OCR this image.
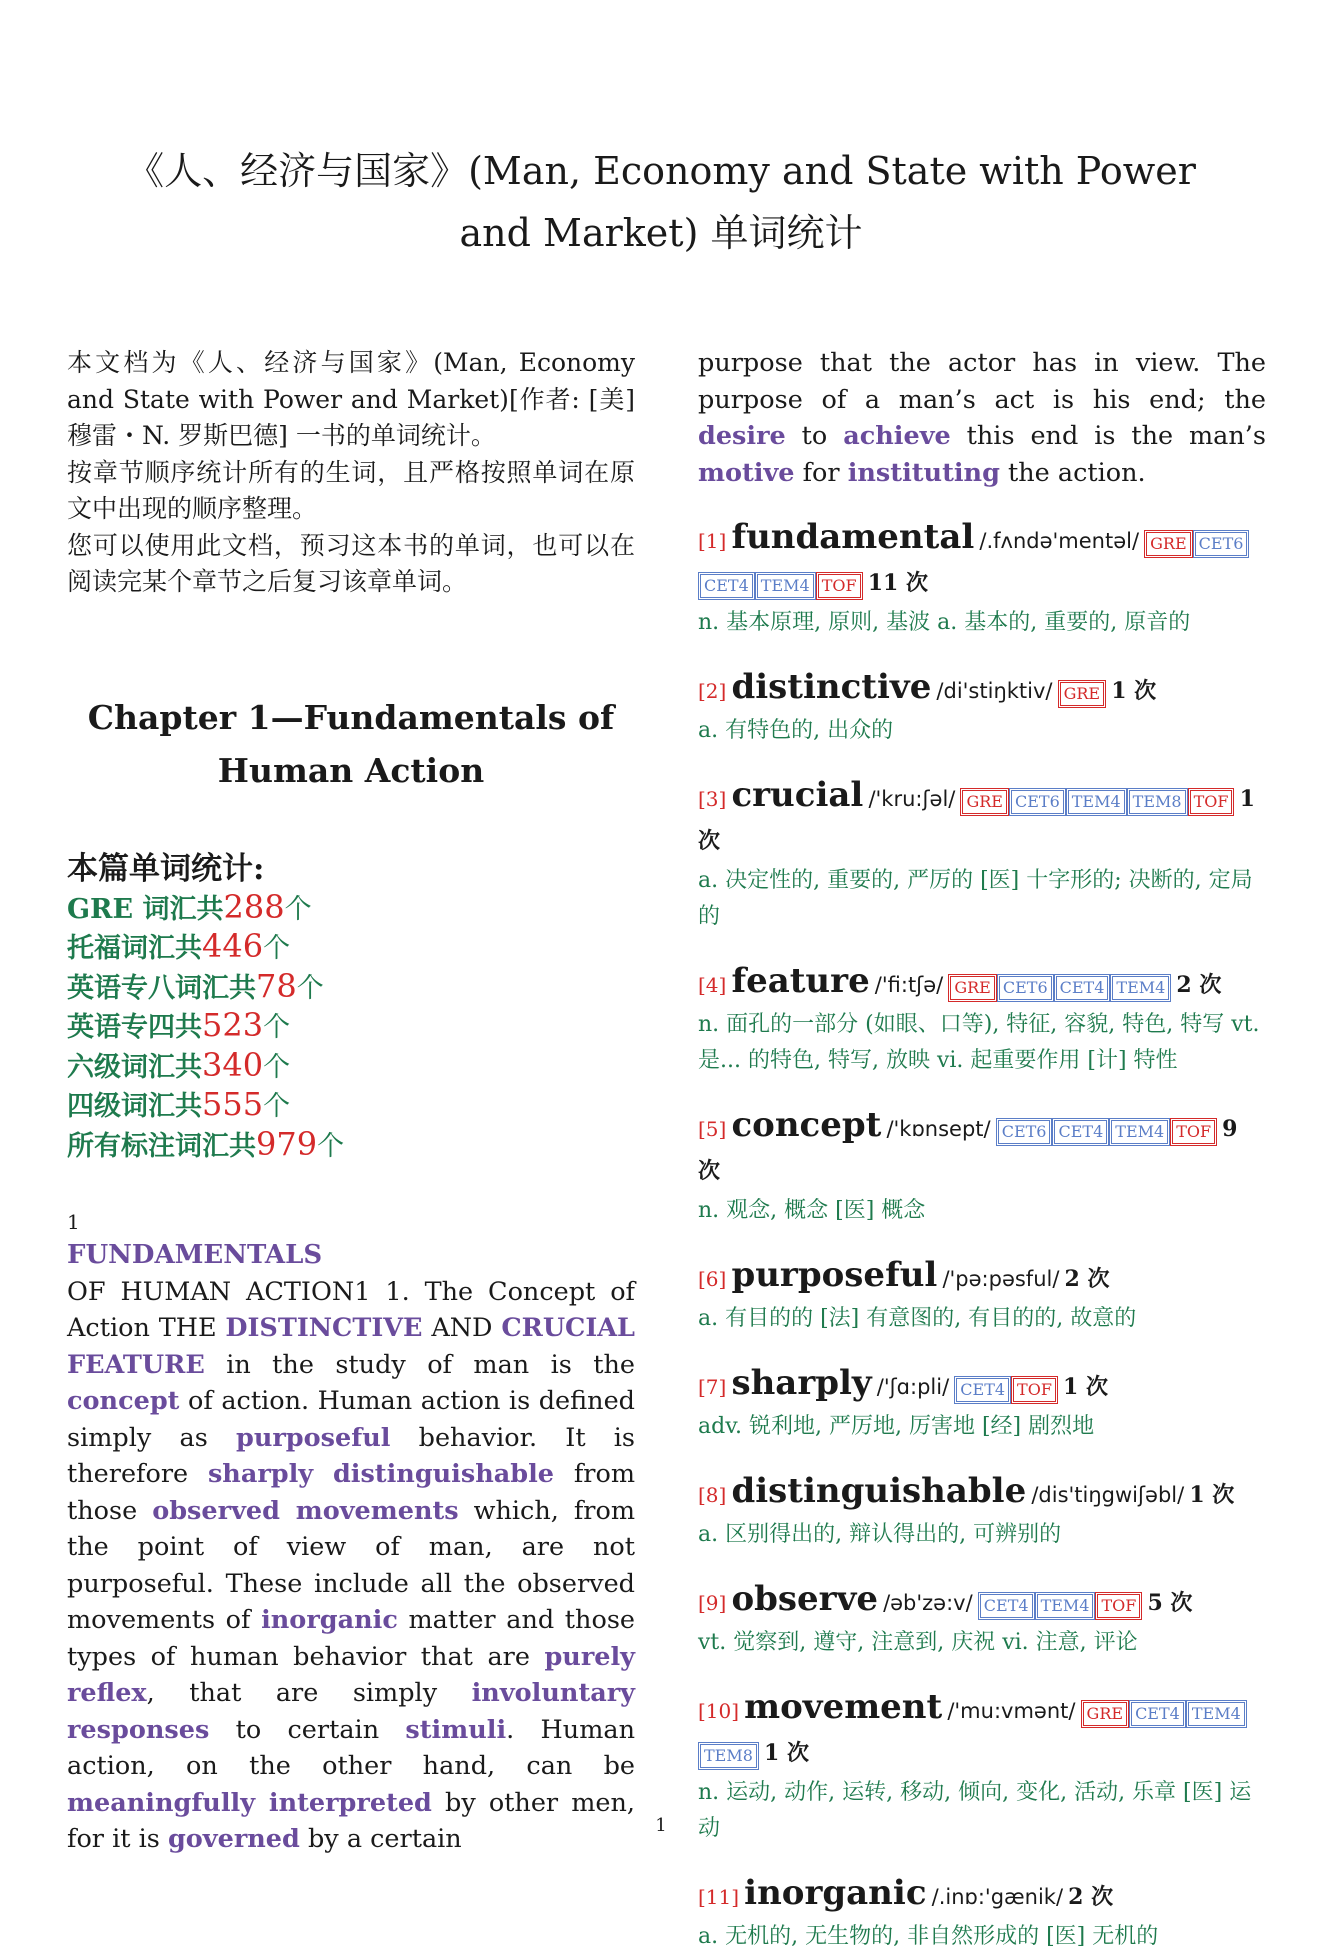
《人、经济与国家》(Man, Economy and State with Power and Market) 单词统计

本文档为《人、经济与国家》(Man, Economy and State with Power and Market)[作者: [美] 穆雷・N. 罗斯巴德] 一书的单词统计。

按章节顺序统计所有的生词，且严格按照单词在原文中出现的顺序整理。

您可以使用此文档，预习这本书的单词，也可以在阅读完某个章节之后复习该章单词。

Chapter 1—Fundamentals of Human Action
本篇单词统计:
GRE 词汇共288个
托福词汇共446个
英语专八词汇共78个
英语专四共523个
六级词汇共340个
四级词汇共555个
所有标注词汇共979个
1
FUNDAMENTALS
OF HUMAN ACTION1 1. The Concept of Action THE DISTINCTIVE AND CRUCIAL FEATURE in the study of man is the concept of action. Human action is defined simply as purposeful behavior. It is therefore sharply distinguishable from those observed movements which, from the point of view of man, are not purposeful. These include all the observed movements of inorganic matter and those types of human behavior that are purely reflex, that are simply involuntary responses to certain stimuli. Human action, on the other hand, can be meaningfully interpreted by other men, for it is governed by a certain
purpose that the actor has in view. The purpose of a man’s act is his end; the desire to achieve this end is the man’s motive for instituting the action.
[1] fundamental /.fʌndə'mentəl/ GRE CET6CET4 TEM4 TOF 11 次
n. 基本原理, 原则, 基波 a. 基本的, 重要的, 原音的
[2] distinctive /di'stiŋktiv/ GRE 1 次
a. 有特色的, 出众的
[3] crucial /'kru:ʃəl/ GRE CET6 TEM4 TEM8 TOF 1 次
a. 决定性的, 重要的, 严厉的 [医] 十字形的; 决断的, 定局的
[4] feature /'fi:tʃə/ GRE CET6 CET4 TEM4 2 次
n. 面孔的一部分 (如眼、口等), 特征, 容貌, 特色, 特写 vt. 是... 的特色, 特写, 放映 vi. 起重要作用 [计] 特性
[5] concept /'kɒnsept/ CET6 CET4 TEM4 TOF 9 次
n. 观念, 概念 [医] 概念
[6] purposeful /'pə:pəsful/ 2 次
a. 有目的的 [法] 有意图的, 有目的的, 故意的
[7] sharply /'ʃɑ:pli/ CET4 TOF 1 次
adv. 锐利地, 严厉地, 厉害地 [经] 剧烈地
[8] distinguishable /dis'tiŋgwiʃəbl/ 1 次
a. 区别得出的, 辩认得出的, 可辨别的
[9] observe /əb'zə:v/ CET4 TEM4 TOF 5 次
vt. 觉察到, 遵守, 注意到, 庆祝 vi. 注意, 评论
[10] movement /'mu:vmənt/ GRE CET4 TEM4TEM8 1 次
n. 运动, 动作, 运转, 移动, 倾向, 变化, 活动, 乐章 [医] 运动
[11] inorganic /.inɒ:'gænik/ 2 次
a. 无机的, 无生物的, 非自然形成的 [医] 无机的
1
